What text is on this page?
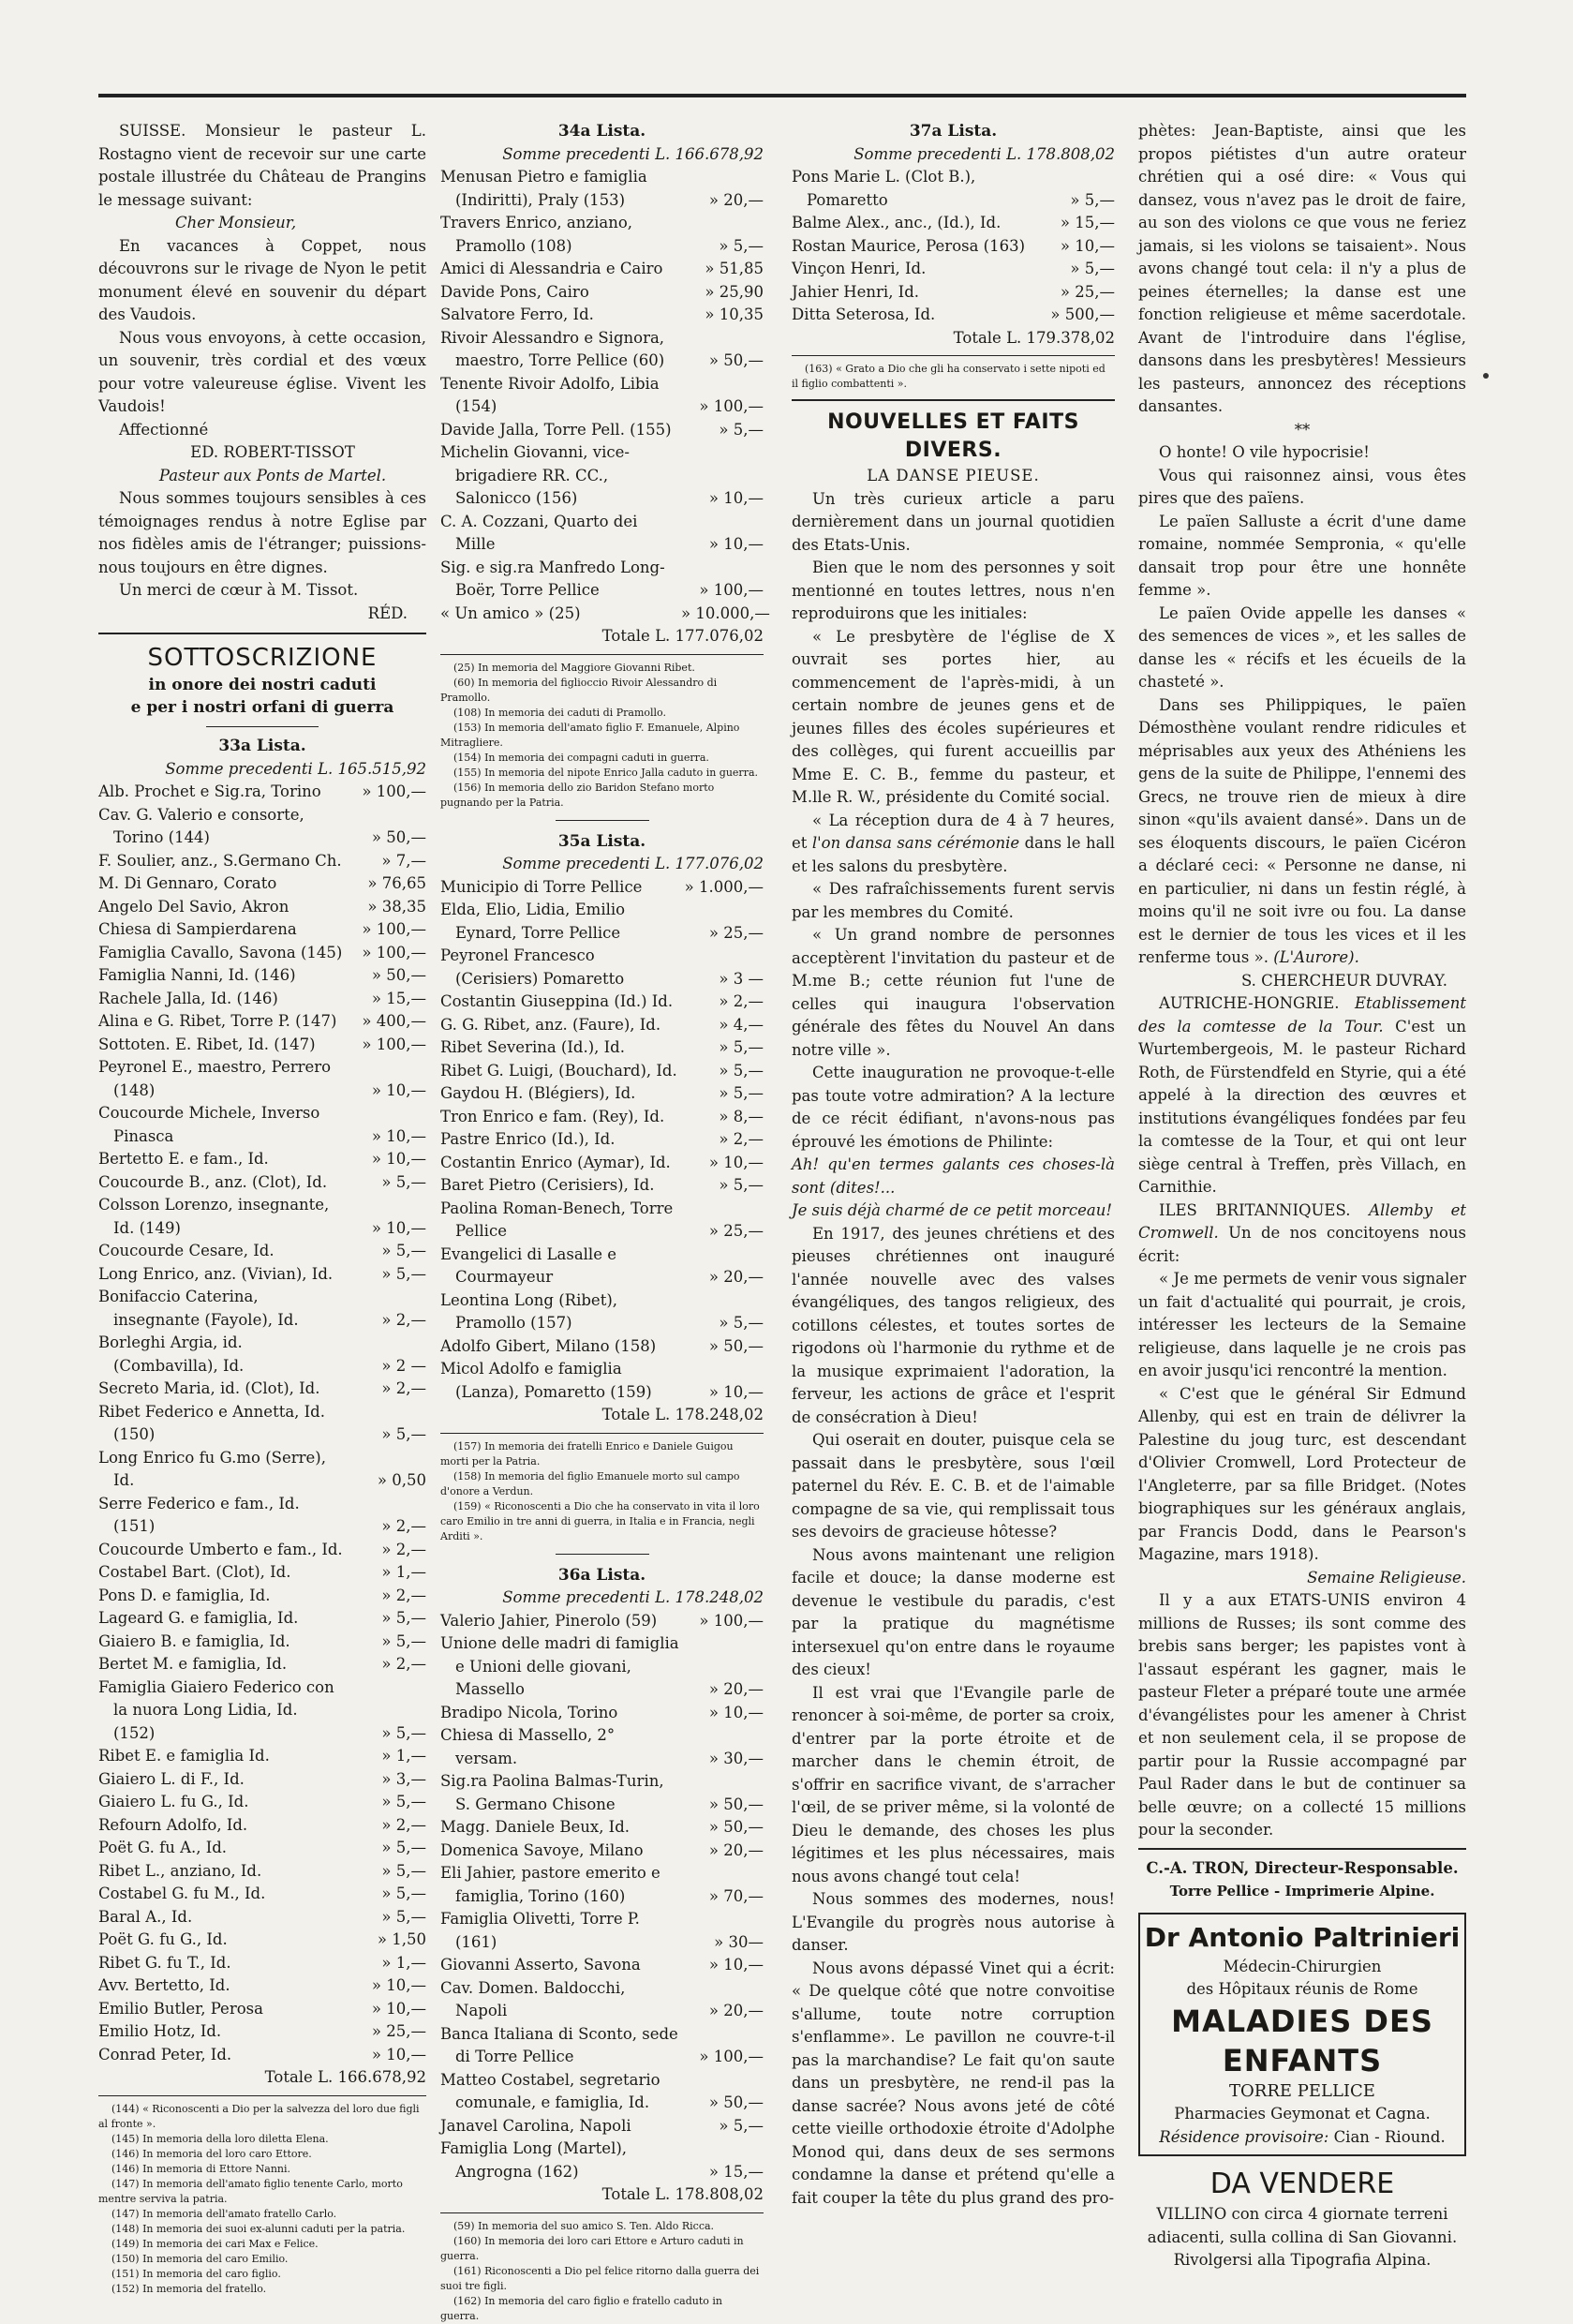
SUISSE. Monsieur le pasteur L. Rostagno vient de recevoir sur une carte postale illustrée du Château de Prangins le message suivant:

Cher Monsieur,

En vacances à Coppet, nous découvrons sur le rivage de Nyon le petit monument élevé en souvenir du départ des Vaudois.

Nous vous envoyons, à cette occasion, un souvenir, très cordial et des vœux pour votre valeureuse église. Vivent les Vaudois!

Affectionné

ED. ROBERT-TISSOT

Pasteur aux Ponts de Martel.

Nous sommes toujours sensibles à ces témoignages rendus à notre Eglise par nos fidèles amis de l'étranger; puissions-nous toujours en être dignes.

Un merci de cœur à M. Tissot.

RÉD.

SOTTOSCRIZIONE
in onore dei nostri caduti
e per i nostri orfani di guerra
33a Lista.
Somme precedenti L. 165.515,92
Alb. Prochet e Sig.ra, Torino	» 100,—
Cav. G. Valerio e consorte, Torino (144)	» 50,—
F. Soulier, anz., S.Germano Ch.	» 7,—
M. Di Gennaro, Corato	» 76,65
Angelo Del Savio, Akron	» 38,35
Chiesa di Sampierdarena	» 100,—
Famiglia Cavallo, Savona (145)	» 100,—
Famiglia Nanni, Id. (146)	» 50,—
Rachele Jalla, Id. (146)	» 15,—
Alina e G. Ribet, Torre P. (147)	» 400,—
Sottoten. E. Ribet, Id. (147)	» 100,—
Peyronel E., maestro, Perrero (148)	» 10,—
Coucourde Michele, Inverso Pinasca	» 10,—
Bertetto E. e fam., Id.	» 10,—
Coucourde B., anz. (Clot), Id.	» 5,—
Colsson Lorenzo, insegnante, Id. (149)	» 10,—
Coucourde Cesare, Id.	» 5,—
Long Enrico, anz. (Vivian), Id.	» 5,—
Bonifaccio Caterina, insegnante (Fayole), Id.	» 2,—
Borleghi Argia, id. (Combavilla), Id.	» 2 —
Secreto Maria, id. (Clot), Id.	» 2,—
Ribet Federico e Annetta, Id. (150)	» 5,—
Long Enrico fu G.mo (Serre), Id.	» 0,50
Serre Federico e fam., Id. (151)	» 2,—
Coucourde Umberto e fam., Id.	» 2,—
Costabel Bart. (Clot), Id.	» 1,—
Pons D. e famiglia, Id.	» 2,—
Lageard G. e famiglia, Id.	» 5,—
Giaiero B. e famiglia, Id.	» 5,—
Bertet M. e famiglia, Id.	» 2,—
Famiglia Giaiero Federico con la nuora Long Lidia, Id. (152)	» 5,—
Ribet E. e famiglia Id.	» 1,—
Giaiero L. di F., Id.	» 3,—
Giaiero L. fu G., Id.	» 5,—
Refourn Adolfo, Id.	» 2,—
Poët G. fu A., Id.	» 5,—
Ribet L., anziano, Id.	» 5,—
Costabel G. fu M., Id.	» 5,—
Baral A., Id.	» 5,—
Poët G. fu G., Id.	» 1,50
Ribet G. fu T., Id.	» 1,—
Avv. Bertetto, Id.	» 10,—
Emilio Butler, Perosa	» 10,—
Emilio Hotz, Id.	» 25,—
Conrad Peter, Id.	» 10,—
Totale L. 166.678,92
(144) « Riconoscenti a Dio per la salvezza del loro due figli al fronte ».
(145) In memoria della loro diletta Elena.
(146) In memoria del loro caro Ettore.
(146) In memoria di Ettore Nanni.
(147) In memoria dell'amato figlio tenente Carlo, morto mentre serviva la patria.
(147) In memoria dell'amato fratello Carlo.
(148) In memoria dei suoi ex-alunni caduti per la patria.
(149) In memoria dei cari Max e Felice.
(150) In memoria del caro Emilio.
(151) In memoria del caro figlio.
(152) In memoria del fratello.
34a Lista.
Somme precedenti L. 166.678,92
Menusan Pietro e famiglia (Indiritti), Praly (153)	» 20,—
Travers Enrico, anziano, Pramollo (108)	» 5,—
Amici di Alessandria e Cairo	» 51,85
Davide Pons, Cairo	» 25,90
Salvatore Ferro, Id.	» 10,35
Rivoir Alessandro e Signora, maestro, Torre Pellice (60)	» 50,—
Tenente Rivoir Adolfo, Libia (154)	» 100,—
Davide Jalla, Torre Pell. (155)	» 5,—
Michelin Giovanni, vice-brigadiere RR. CC., Salonicco (156)	» 10,—
C. A. Cozzani, Quarto dei Mille	» 10,—
Sig. e sig.ra Manfredo Long-Boër, Torre Pellice	» 100,—
« Un amico » (25)	» 10.000,—
Totale L. 177.076,02
(25) In memoria del Maggiore Giovanni Ribet.
(60) In memoria del figlioccio Rivoir Alessandro di Pramollo.
(108) In memoria dei caduti di Pramollo.
(153) In memoria dell'amato figlio F. Emanuele, Alpino Mitragliere.
(154) In memoria dei compagni caduti in guerra.
(155) In memoria del nipote Enrico Jalla caduto in guerra.
(156) In memoria dello zio Baridon Stefano morto pugnando per la Patria.
35a Lista.
Somme precedenti L. 177.076,02
Municipio di Torre Pellice	» 1.000,—
Elda, Elio, Lidia, Emilio Eynard, Torre Pellice	» 25,—
Peyronel Francesco (Cerisiers) Pomaretto	» 3 —
Costantin Giuseppina (Id.) Id.	» 2,—
G. G. Ribet, anz. (Faure), Id.	» 4,—
Ribet Severina (Id.), Id.	» 5,—
Ribet G. Luigi, (Bouchard), Id.	» 5,—
Gaydou H. (Blégiers), Id.	» 5,—
Tron Enrico e fam. (Rey), Id.	» 8,—
Pastre Enrico (Id.), Id.	» 2,—
Costantin Enrico (Aymar), Id.	» 10,—
Baret Pietro (Cerisiers), Id.	» 5,—
Paolina Roman-Benech, Torre Pellice	» 25,—
Evangelici di Lasalle e Courmayeur	» 20,—
Leontina Long (Ribet), Pramollo (157)	» 5,—
Adolfo Gibert, Milano (158)	» 50,—
Micol Adolfo e famiglia (Lanza), Pomaretto (159)	» 10,—
Totale L. 178.248,02
(157) In memoria dei fratelli Enrico e Daniele Guigou morti per la Patria.
(158) In memoria del figlio Emanuele morto sul campo d'onore a Verdun.
(159) « Riconoscenti a Dio che ha conservato in vita il loro caro Emilio in tre anni di guerra, in Italia e in Francia, negli Arditi ».
36a Lista.
Somme precedenti L. 178.248,02
Valerio Jahier, Pinerolo (59)	» 100,—
Unione delle madri di famiglia e Unioni delle giovani, Massello	» 20,—
Bradipo Nicola, Torino	» 10,—
Chiesa di Massello, 2° versam.	» 30,—
Sig.ra Paolina Balmas-Turin, S. Germano Chisone	» 50,—
Magg. Daniele Beux, Id.	» 50,—
Domenica Savoye, Milano	» 20,—
Eli Jahier, pastore emerito e famiglia, Torino (160)	» 70,—
Famiglia Olivetti, Torre P. (161)	» 30—
Giovanni Asserto, Savona	» 10,—
Cav. Domen. Baldocchi, Napoli	» 20,—
Banca Italiana di Sconto, sede di Torre Pellice	» 100,—
Matteo Costabel, segretario comunale, e famiglia, Id.	» 50,—
Janavel Carolina, Napoli	» 5,—
Famiglia Long (Martel), Angrogna (162)	» 15,—
Totale L. 178.808,02
(59) In memoria del suo amico S. Ten. Aldo Ricca.
(160) In memoria dei loro cari Ettore e Arturo caduti in guerra.
(161) Riconoscenti a Dio pel felice ritorno dalla guerra dei suoi tre figli.
(162) In memoria del caro figlio e fratello caduto in guerra.
37a Lista.
Somme precedenti L. 178.808,02
Pons Marie L. (Clot B.), Pomaretto	» 5,—
Balme Alex., anc., (Id.), Id.	» 15,—
Rostan Maurice, Perosa (163)	» 10,—
Vinçon Henri, Id.	» 5,—
Jahier Henri, Id.	» 25,—
Ditta Seterosa, Id.	» 500,—
Totale L. 179.378,02
(163) « Grato a Dio che gli ha conservato i sette nipoti ed il figlio combattenti ».
NOUVELLES ET FAITS DIVERS.
LA DANSE PIEUSE.

Un très curieux article a paru dernièrement dans un journal quotidien des Etats-Unis.

Bien que le nom des personnes y soit mentionné en toutes lettres, nous n'en reproduirons que les initiales:

« Le presbytère de l'église de X ouvrait ses portes hier, au commencement de l'après-midi, à un certain nombre de jeunes gens et de jeunes filles des écoles supérieures et des collèges, qui furent accueillis par Mme E. C. B., femme du pasteur, et M.lle R. W., présidente du Comité social.

« La réception dura de 4 à 7 heures, et l'on dansa sans cérémonie dans le hall et les salons du presbytère.

« Des rafraîchissements furent servis par les membres du Comité.

« Un grand nombre de personnes acceptèrent l'invitation du pasteur et de M.me B.; cette réunion fut l'une de celles qui inaugura l'observation générale des fêtes du Nouvel An dans notre ville ».

Cette inauguration ne provoque-t-elle pas toute votre admiration? A la lecture de ce récit édifiant, n'avons-nous pas éprouvé les émotions de Philinte:

Ah! qu'en termes galants ces choses-là sont (dites!...

Je suis déjà charmé de ce petit morceau!

En 1917, des jeunes chrétiens et des pieuses chrétiennes ont inauguré l'année nouvelle avec des valses évangéliques, des tangos religieux, des cotillons célestes, et toutes sortes de rigodons où l'harmonie du rythme et de la musique exprimaient l'adoration, la ferveur, les actions de grâce et l'esprit de consécration à Dieu!

Qui oserait en douter, puisque cela se passait dans le presbytère, sous l'œil paternel du Rév. E. C. B. et de l'aimable compagne de sa vie, qui remplissait tous ses devoirs de gracieuse hôtesse?

Nous avons maintenant une religion facile et douce; la danse moderne est devenue le vestibule du paradis, c'est par la pratique du magnétisme intersexuel qu'on entre dans le royaume des cieux!

Il est vrai que l'Evangile parle de renoncer à soi-même, de porter sa croix, d'entrer par la porte étroite et de marcher dans le chemin étroit, de s'offrir en sacrifice vivant, de s'arracher l'œil, de se priver même, si la volonté de Dieu le demande, des choses les plus légitimes et les plus nécessaires, mais nous avons changé tout cela!

Nous sommes des modernes, nous! L'Evangile du progrès nous autorise à danser.

Nous avons dépassé Vinet qui a écrit: « De quelque côté que notre convoitise s'allume, toute notre corruption s'enflamme». Le pavillon ne couvre-t-il pas la marchandise? Le fait qu'on saute dans un presbytère, ne rend-il pas la danse sacrée? Nous avons jeté de côté cette vieille orthodoxie étroite d'Adolphe Monod qui, dans deux de ses sermons condamne la danse et prétend qu'elle a fait couper la tête du plus grand des pro-

phètes: Jean-Baptiste, ainsi que les propos piétistes d'un autre orateur chrétien qui a osé dire: « Vous qui dansez, vous n'avez pas le droit de faire, au son des violons ce que vous ne feriez jamais, si les violons se taisaient». Nous avons changé tout cela: il n'y a plus de peines éternelles; la danse est une fonction religieuse et même sacerdotale. Avant de l'introduire dans l'église, dansons dans les presbytères! Messieurs les pasteurs, annoncez des réceptions dansantes.

**

O honte! O vile hypocrisie!

Vous qui raisonnez ainsi, vous êtes pires que des païens.

Le païen Salluste a écrit d'une dame romaine, nommée Sempronia, « qu'elle dansait trop pour être une honnête femme ».

Le païen Ovide appelle les danses « des semences de vices », et les salles de danse les « récifs et les écueils de la chasteté ».

Dans ses Philippiques, le païen Démosthène voulant rendre ridicules et méprisables aux yeux des Athéniens les gens de la suite de Philippe, l'ennemi des Grecs, ne trouve rien de mieux à dire sinon «qu'ils avaient dansé». Dans un de ses éloquents discours, le païen Cicéron a déclaré ceci: « Personne ne danse, ni en particulier, ni dans un festin réglé, à moins qu'il ne soit ivre ou fou. La danse est le dernier de tous les vices et il les renferme tous ». (L'Aurore).

S. CHERCHEUR DUVRAY.

AUTRICHE-HONGRIE. Etablissement des la comtesse de la Tour. C'est un Wurtembergeois, M. le pasteur Richard Roth, de Fürstendfeld en Styrie, qui a été appelé à la direction des œuvres et institutions évangéliques fondées par feu la comtesse de la Tour, et qui ont leur siège central à Treffen, près Villach, en Carnithie.

ILES BRITANNIQUES. Allemby et Cromwell. Un de nos concitoyens nous écrit:

« Je me permets de venir vous signaler un fait d'actualité qui pourrait, je crois, intéresser les lecteurs de la Semaine religieuse, dans laquelle je ne crois pas en avoir jusqu'ici rencontré la mention.

« C'est que le général Sir Edmund Allenby, qui est en train de délivrer la Palestine du joug turc, est descendant d'Olivier Cromwell, Lord Protecteur de l'Angleterre, par sa fille Bridget. (Notes biographiques sur les généraux anglais, par Francis Dodd, dans le Pearson's Magazine, mars 1918).

Semaine Religieuse.

Il y a aux ETATS-UNIS environ 4 millions de Russes; ils sont comme des brebis sans berger; les papistes vont à l'assaut espérant les gagner, mais le pasteur Fleter a préparé toute une armée d'évangélistes pour les amener à Christ et non seulement cela, il se propose de partir pour la Russie accompagné par Paul Rader dans le but de continuer sa belle œuvre; on a collecté 15 millions pour la seconder.

C.-A. TRON, Directeur-Responsable.
Torre Pellice - Imprimerie Alpine.
Dr Antonio Paltrinieri
Médecin-Chirurgien
des Hôpitaux réunis de Rome
MALADIES DES ENFANTS
TORRE PELLICE
Pharmacies Geymonat et Cagna.
Résidence provisoire: Cian - Riound.
DA VENDERE

VILLINO con circa 4 giornate terreni adiacenti, sulla collina di San Giovanni. Rivolgersi alla Tipografia Alpina.
